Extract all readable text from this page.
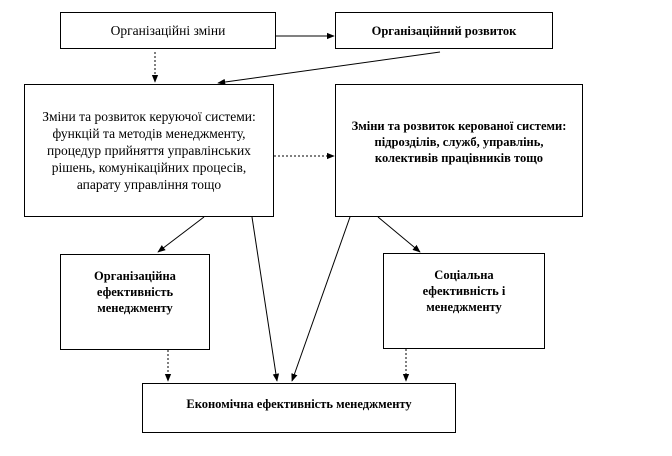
Організаційні зміни	Організаційний розвиток
Зміни та розвиток керуючої системи: функцій та методів менеджменту, процедур прийняття управлінських рішень, комунікаційних процесів, апарату управління тощо
Зміни та розвиток керованої системи: підрозділів, служб, управлінь, колективів працівників тощо
Організаційна ефективність менеджменту
Соціальна ефективність і менеджменту
Економічна ефективність менеджменту
